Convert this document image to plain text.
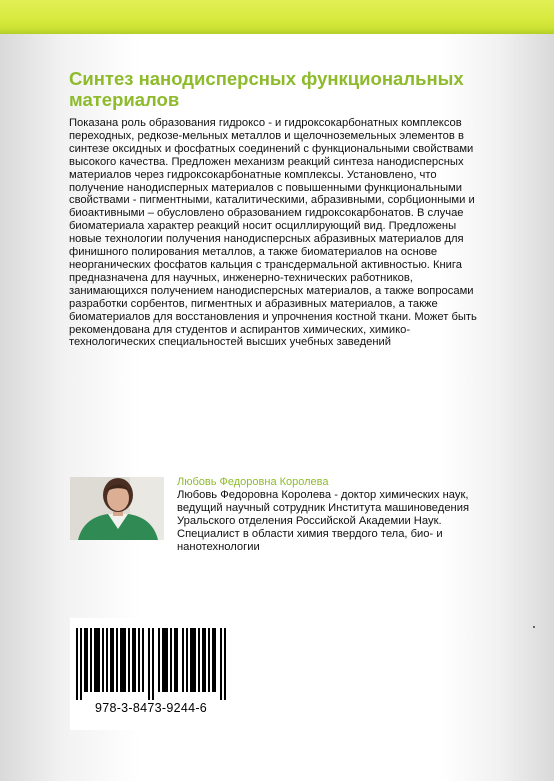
Синтез нанодисперсных функциональных материалов

Показана роль образования гидроксо - и гидроксокарбонатных комплексов переходных, редкозе-мельных металлов и щелочноземельных элементов в синтезе оксидных и фосфатных соединений с функциональными свойствами высокого качества. Предложен механизм реакций синтеза нанодисперсных материалов через гидроксокарбонатные комплексы. Установлено, что получение нанодисперных материалов с повышенными функциональными свойствами - пигментными, каталитическими, абразивными, сорбционными и биоактивными – обусловлено образованием гидроксокарбонатов. В случае биоматериала характер реакций носит осциллирующий вид. Предложены новые технологии получения нанодисперсных абразивных материалов для финишного полирования металлов, а также биоматериалов на основе неорганических фосфатов кальция с трансдермальной активностью. Книга предназначена для научных, инженерно-технических работников, занимающихся получением нанодисперсных материалов, а также вопросами разработки сорбентов, пигментных и абразивных материалов, а также биоматериалов для восстановления и упрочнения костной ткани. Может быть рекомендована для студентов и аспирантов химических, химико-технологических специальностей высших учебных заведений

Любовь Федоровна Королева

Любовь Федоровна Королева - доктор химических наук, ведущий научный сотрудник Института машиноведения Уральского отделения Российской Академии Наук. Специалист в области химия твердого тела, био- и нанотехнологии

978-3-8473-9244-6
